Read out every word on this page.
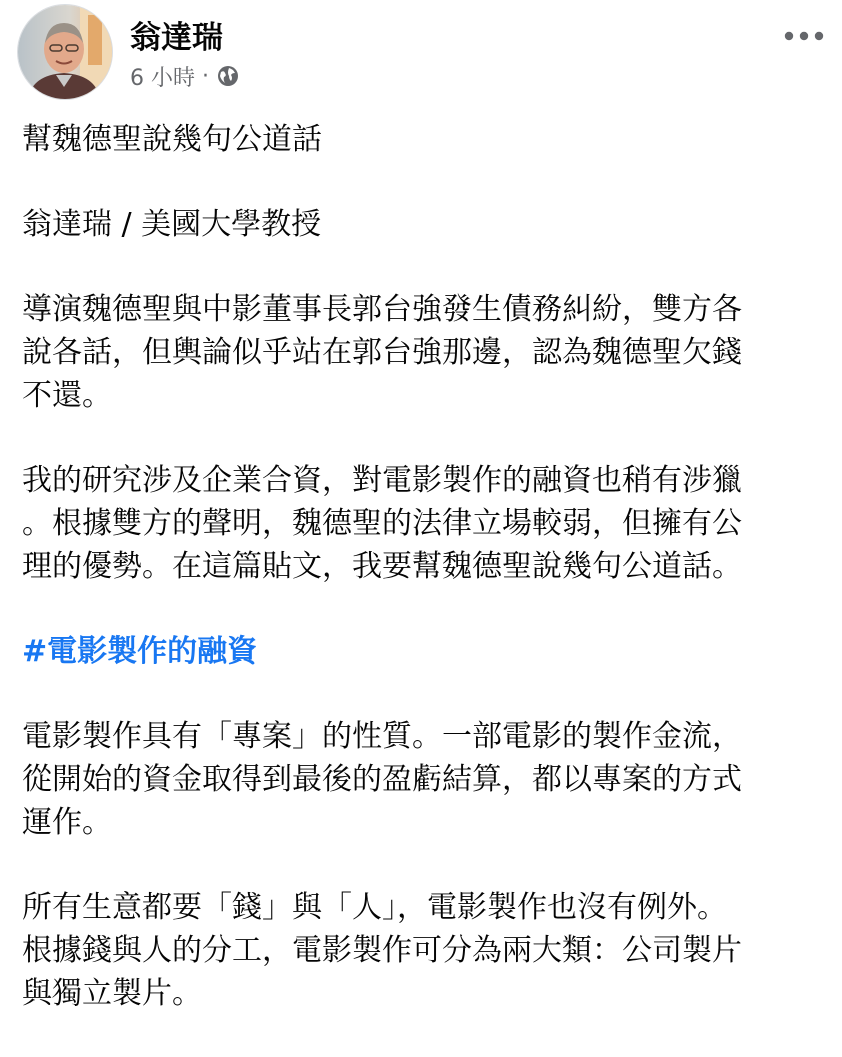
翁達瑞
6 小時 ·

幫魏德聖說幾句公道話

翁達瑞 / 美國大學教授

導演魏德聖與中影董事長郭台強發生債務糾紛，雙方各
說各話，但輿論似乎站在郭台強那邊，認為魏德聖欠錢
不還。

我的研究涉及企業合資，對電影製作的融資也稍有涉獵
。根據雙方的聲明，魏德聖的法律立場較弱，但擁有公
理的優勢。在這篇貼文，我要幫魏德聖說幾句公道話。

#電影製作的融資

電影製作具有「專案」的性質。一部電影的製作金流，
從開始的資金取得到最後的盈虧結算，都以專案的方式
運作。

所有生意都要「錢」與「人」，電影製作也沒有例外。
根據錢與人的分工，電影製作可分為兩大類：公司製片
與獨立製片。
